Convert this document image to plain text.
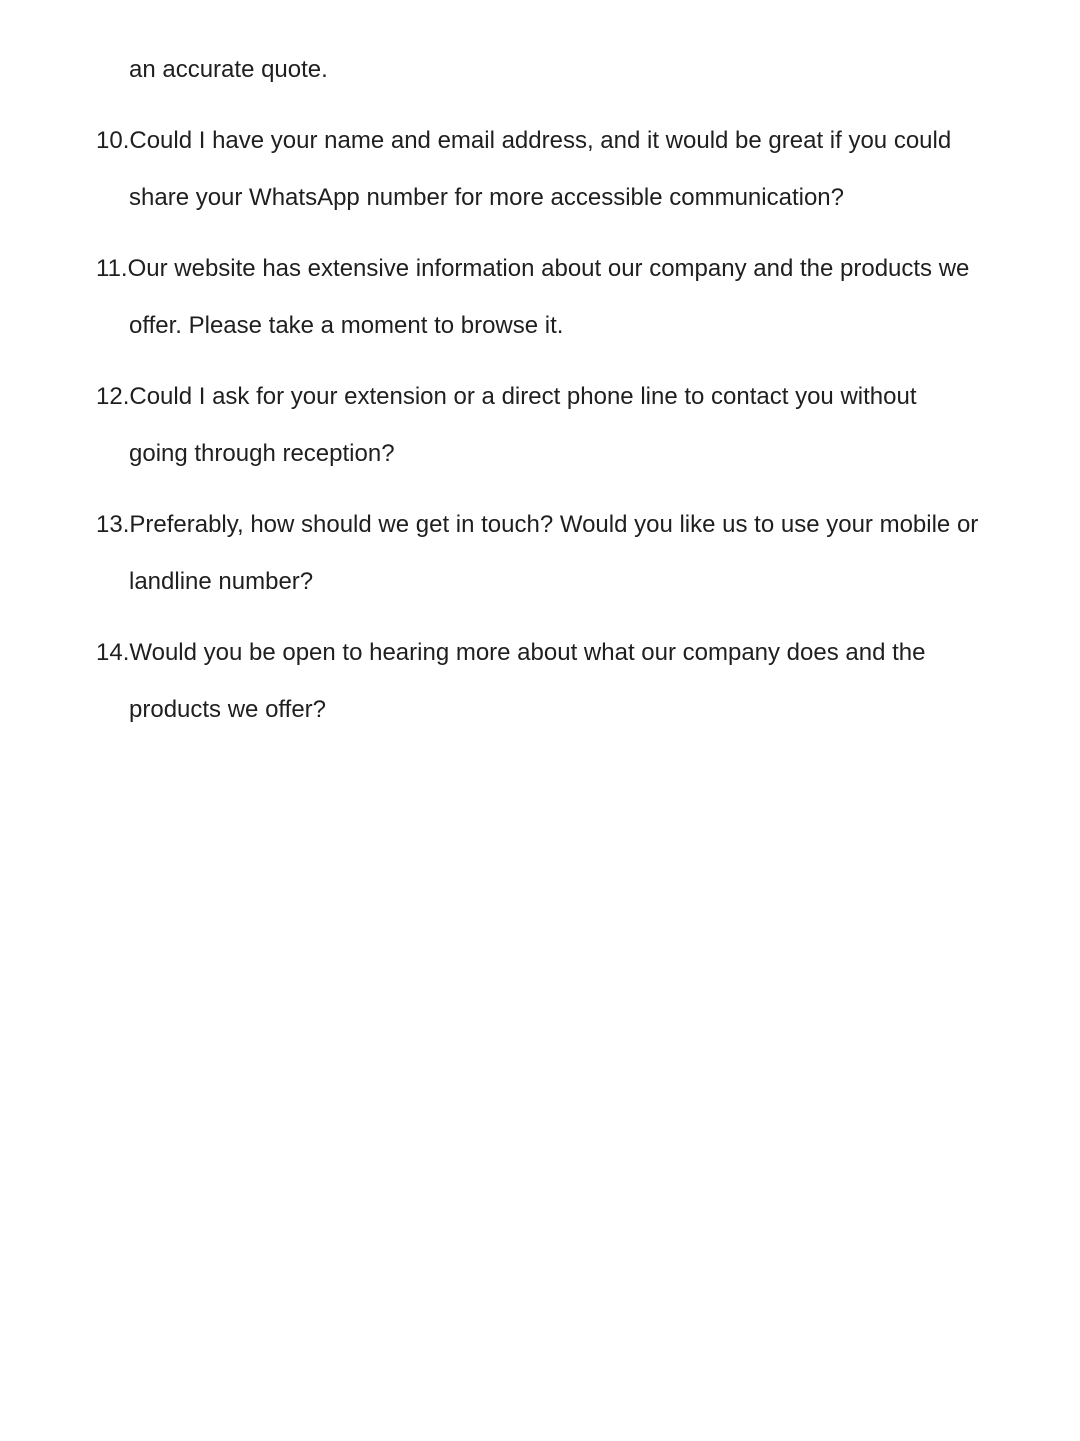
an accurate quote.

10.Could I have your name and email address, and it would be great if you could
share your WhatsApp number for more accessible communication?
11.Our website has extensive information about our company and the products we
offer. Please take a moment to browse it.
12.Could I ask for your extension or a direct phone line to contact you without
going through reception?
13.Preferably, how should we get in touch? Would you like us to use your mobile or
landline number?
14.Would you be open to hearing more about what our company does and the
products we offer?
